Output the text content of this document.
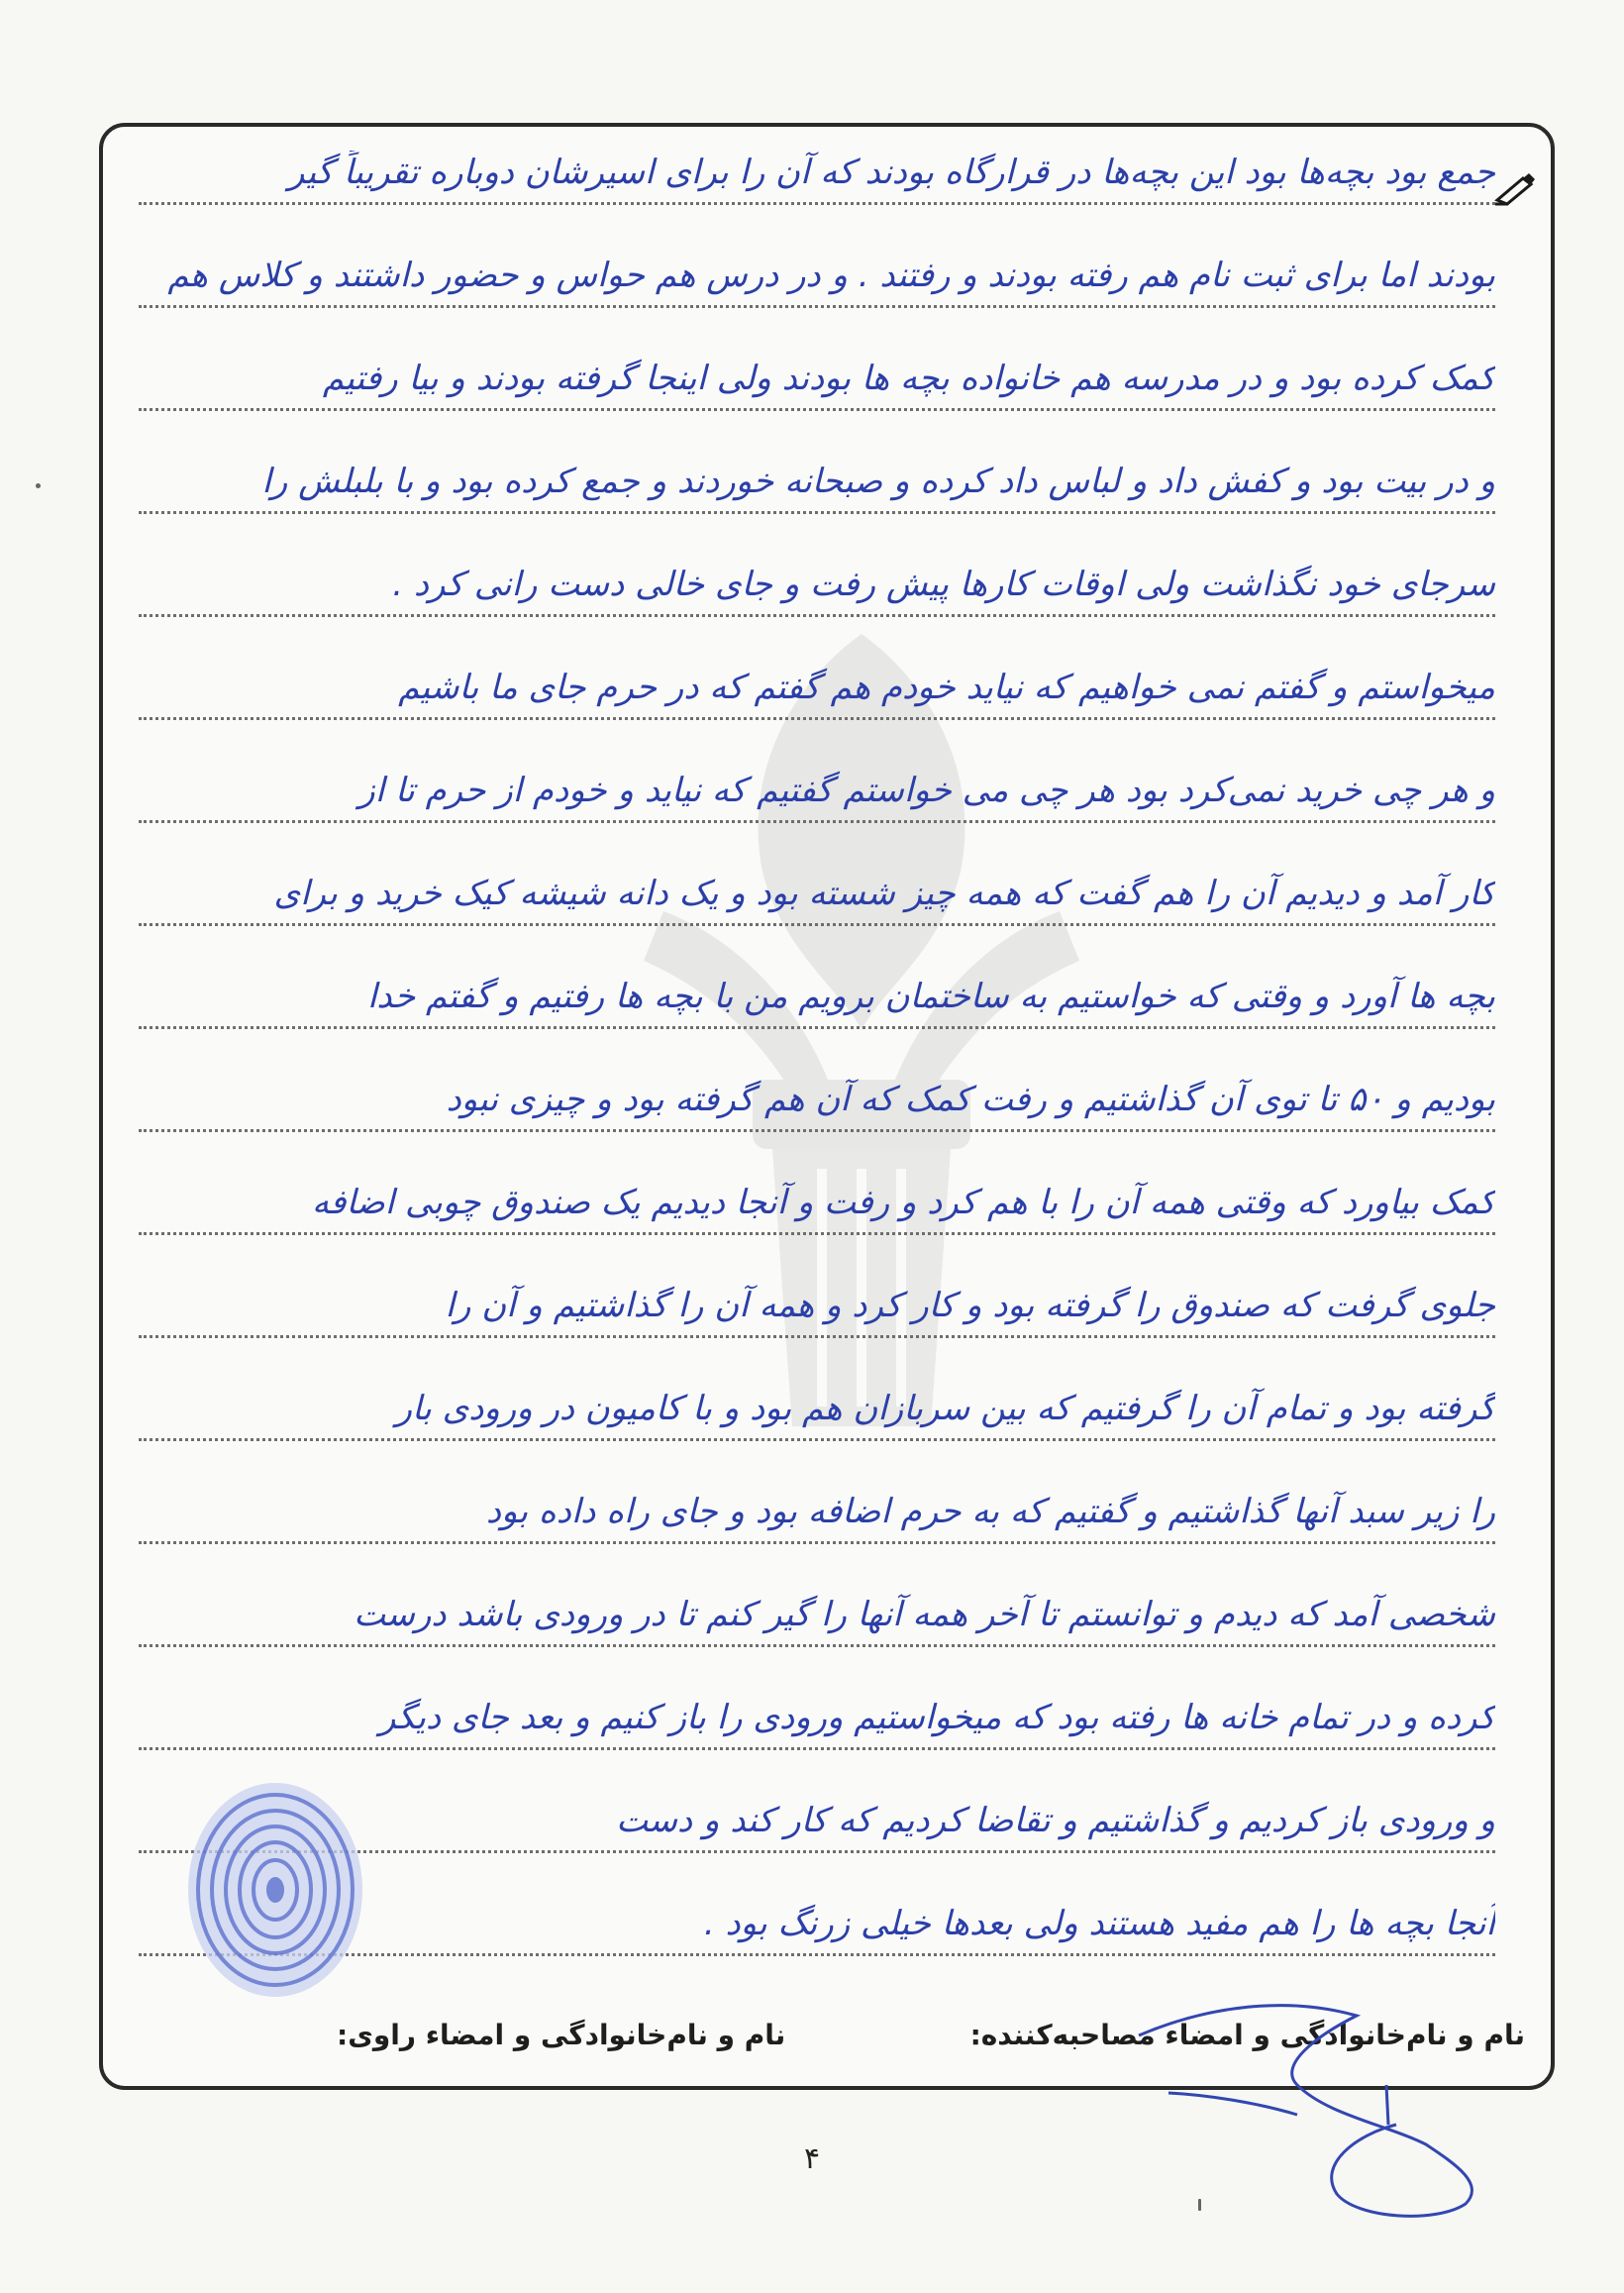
جمع بود بچه‌ها بود این بچه‌ها در قرارگاه بودند که آن را برای اسیرشان دوباره تقریباً گیر
بودند اما برای ثبت نام هم رفته بودند و رفتند . و در درس هم حواس و حضور داشتند و کلاس هم
کمک کرده بود و در مدرسه هم خانواده بچه ها بودند ولی اینجا گرفته بودند و بیا رفتیم
و در بیت بود و کفش داد و لباس داد کرده و صبحانه خوردند و جمع کرده بود و با بلبلش را
سرجای خود نگذاشت ولی اوقات کارها پیش رفت و جای خالی دست رانی کرد .
میخواستم و گفتم نمی خواهیم که نیاید خودم هم گفتم که در حرم جای ما باشیم
و هر چی خرید نمی‌کرد بود هر چی می خواستم گفتیم که نیاید و خودم از حرم تا از
کار آمد و دیدیم آن را هم گفت که همه چیز شسته بود و یک دانه شیشه کیک خرید و برای
بچه ها آورد و وقتی که خواستیم به ساختمان برویم من با بچه ها رفتیم و گفتم خدا
بودیم و ۵۰ تا توی آن گذاشتیم و رفت کمک که آن هم گرفته بود و چیزی نبود
کمک بیاورد که وقتی همه آن را با هم کرد و رفت و آنجا دیدیم یک صندوق چوبی اضافه
جلوی گرفت که صندوق را گرفته بود و کار کرد و همه آن را گذاشتیم و آن را
گرفته بود و تمام آن را گرفتیم که بین سربازان هم بود و با کامیون در ورودی بار
را زیر سبد آنها گذاشتیم و گفتیم که به حرم اضافه بود و جای راه داده بود
شخصی آمد که دیدم و توانستم تا آخر همه آنها را گیر کنم تا در ورودی باشد درست
کرده و در تمام خانه ها رفته بود که میخواستیم ورودی را باز کنیم و بعد جای دیگر
و ورودی باز کردیم و گذاشتیم و تقاضا کردیم که کار کند و دست
آنجا بچه ها را هم مفید هستند ولی بعدها خیلی زرنگ بود .
نام و نام‌خانوادگی و امضاء مصاحبه‌کننده:
نام و نام‌خانوادگی و امضاء راوی:
۴
